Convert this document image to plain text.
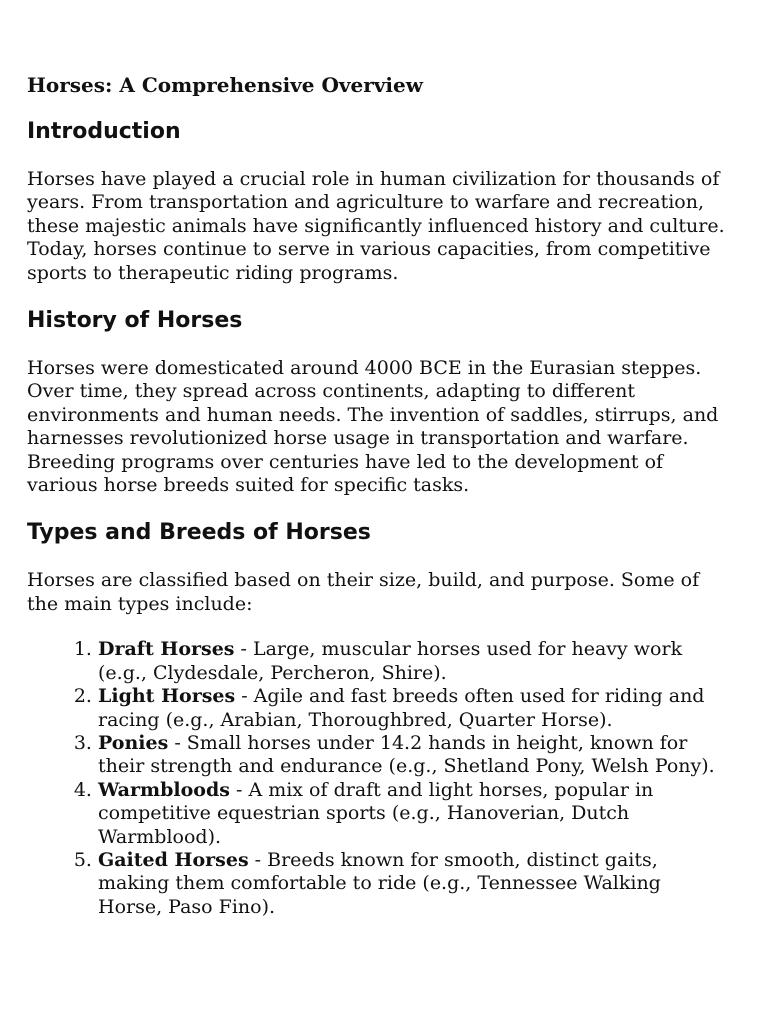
Horses: A Comprehensive Overview
Introduction

Horses have played a crucial role in human civilization for thousands of years. From transportation and agriculture to warfare and recreation, these majestic animals have significantly influenced history and culture. Today, horses continue to serve in various capacities, from competitive sports to therapeutic riding programs.

History of Horses

Horses were domesticated around 4000 BCE in the Eurasian steppes. Over time, they spread across continents, adapting to different environments and human needs. The invention of saddles, stirrups, and harnesses revolutionized horse usage in transportation and warfare. Breeding programs over centuries have led to the development of various horse breeds suited for specific tasks.

Types and Breeds of Horses

Horses are classified based on their size, build, and purpose. Some of the main types include:

1. Draft Horses - Large, muscular horses used for heavy work (e.g., Clydesdale, Percheron, Shire).
2. Light Horses - Agile and fast breeds often used for riding and racing (e.g., Arabian, Thoroughbred, Quarter Horse).
3. Ponies - Small horses under 14.2 hands in height, known for their strength and endurance (e.g., Shetland Pony, Welsh Pony).
4. Warmbloods - A mix of draft and light horses, popular in competitive equestrian sports (e.g., Hanoverian, Dutch Warmblood).
5. Gaited Horses - Breeds known for smooth, distinct gaits, making them comfortable to ride (e.g., Tennessee Walking Horse, Paso Fino).
